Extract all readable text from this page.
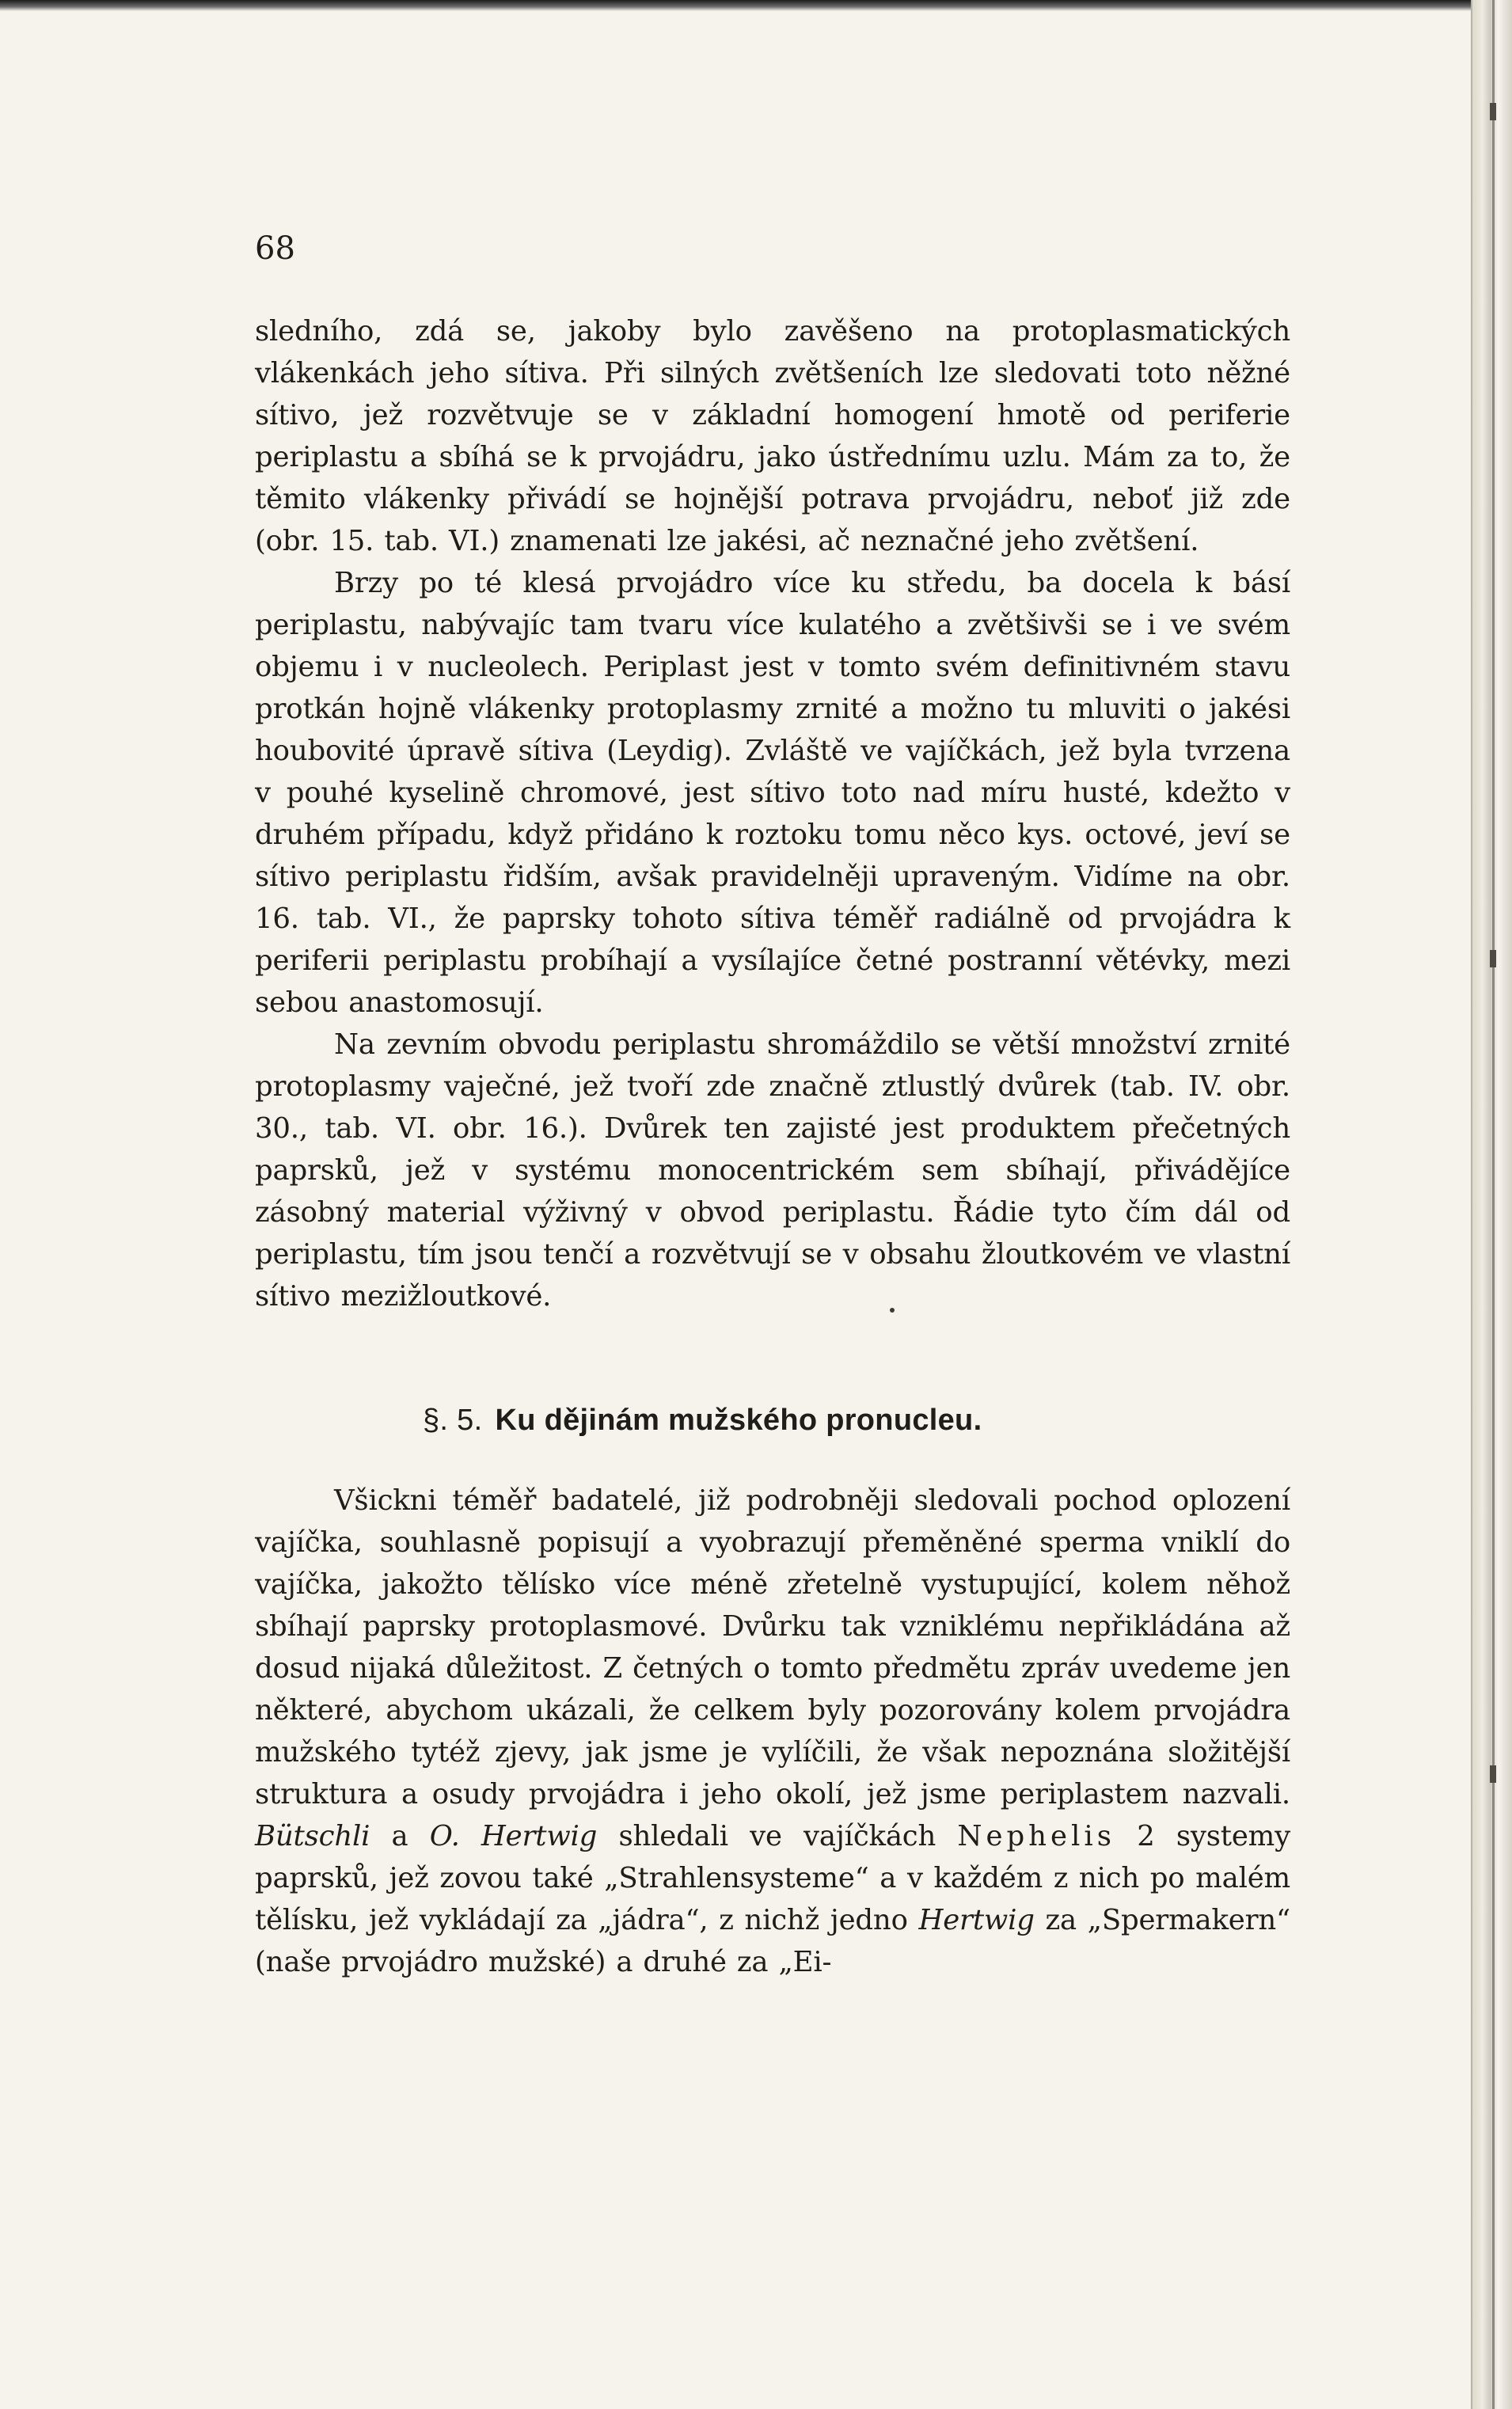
68

sledního, zdá se, jakoby bylo zavěšeno na protoplasmatických vlákenkách jeho sítiva. Při silných zvětšeních lze sledovati toto něžné sítivo, jež rozvětvuje se v základní homogení hmotě od periferie periplastu a sbíhá se k prvojádru, jako ústřednímu uzlu. Mám za to, že těmito vlákenky přivádí se hojnější potrava prvojádru, neboť již zde (obr. 15. tab. VI.) znamenati lze jakési, ač neznačné jeho zvětšení.

Brzy po té klesá prvojádro více ku středu, ba docela k básí periplastu, nabývajíc tam tvaru více kulatého a zvětšivši se i ve svém objemu i v nucleolech. Periplast jest v tomto svém definitivném stavu protkán hojně vlákenky protoplasmy zrnité a možno tu mluviti o jakési houbovité úpravě sítiva (Leydig). Zvláště ve vajíčkách, jež byla tvrzena v pouhé kyselině chromové, jest sítivo toto nad míru husté, kdežto v druhém případu, když přidáno k roztoku tomu něco kys. octové, jeví se sítivo periplastu řidším, avšak pravidelněji upraveným. Vidíme na obr. 16. tab. VI., že paprsky tohoto sítiva téměř radiálně od prvojádra k periferii periplastu probíhají a vysílajíce četné postranní větévky, mezi sebou anastomosují.

Na zevním obvodu periplastu shromáždilo se větší množství zrnité protoplasmy vaječné, jež tvoří zde značně ztlustlý dvůrek (tab. IV. obr. 30., tab. VI. obr. 16.). Dvůrek ten zajisté jest produktem přečetných paprsků, jež v systému monocentrickém sem sbíhají, přivádějíce zásobný material výživný v obvod periplastu. Řádie tyto čím dál od periplastu, tím jsou tenčí a rozvětvují se v obsahu žloutkovém ve vlastní sítivo mezižloutkové.

§. 5. Ku dějinám mužského pronucleu.

Všickni téměř badatelé, již podrobněji sledovali pochod oplození vajíčka, souhlasně popisují a vyobrazují přeměněné sperma vniklí do vajíčka, jakožto tělísko více méně zřetelně vystupující, kolem něhož sbíhají paprsky protoplasmové. Dvůrku tak vzniklému nepřikládána až dosud nijaká důležitost. Z četných o tomto předmětu zpráv uvedeme jen některé, abychom ukázali, že celkem byly pozorovány kolem prvojádra mužského tytéž zjevy, jak jsme je vylíčili, že však nepoznána složitější struktura a osudy prvojádra i jeho okolí, jež jsme periplastem nazvali. Bütschli a O. Hertwig shledali ve vajíčkách Nephelis 2 systemy paprsků, jež zovou také „Strahlensysteme“ a v každém z nich po malém tělísku, jež vykládají za „jádra“, z nichž jedno Hertwig za „Spermakern“ (naše prvojádro mužské) a druhé za „Ei-
